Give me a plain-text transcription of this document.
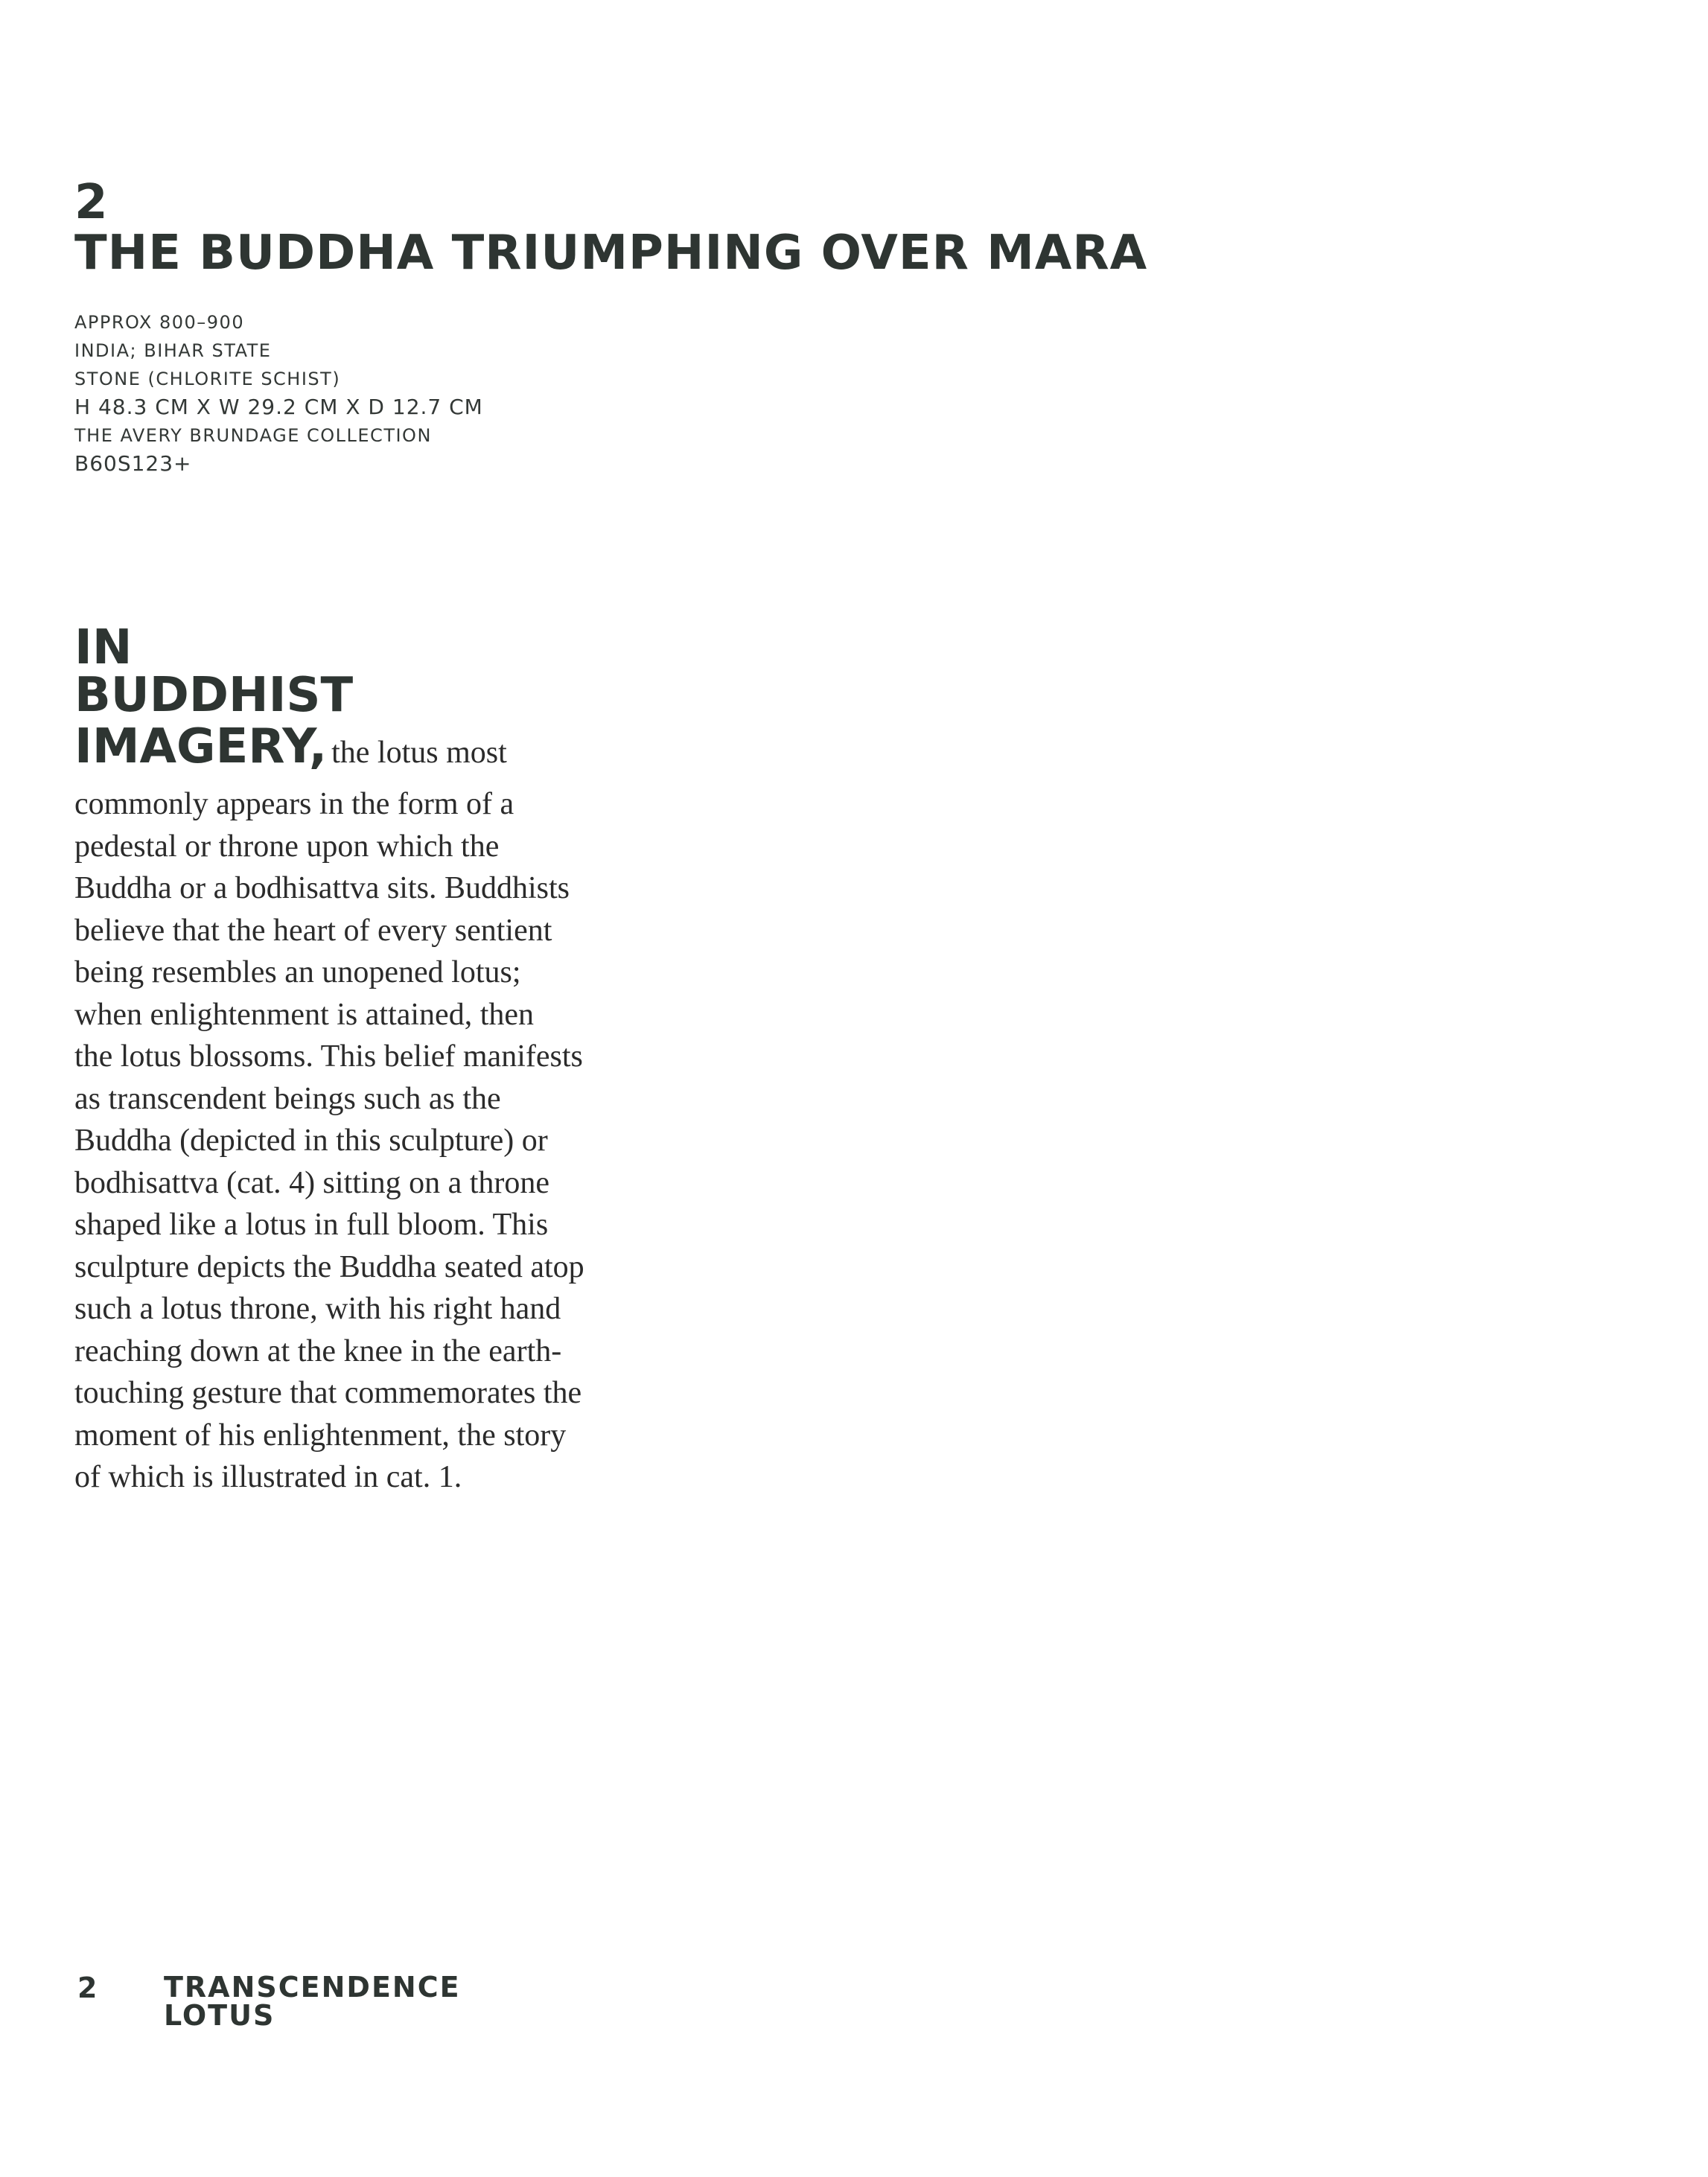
2
THE BUDDHA TRIUMPHING OVER MARA
APPROX 800–900
INDIA; BIHAR STATE
STONE (CHLORITE SCHIST)
H 48.3 CM X W 29.2 CM X D 12.7 CM
THE AVERY BRUNDAGE COLLECTION
B60S123+
IN
BUDDHIST
IMAGERY, the lotus most
commonly appears in the form of a
pedestal or throne upon which the
Buddha or a bodhisattva sits. Buddhists
believe that the heart of every sentient
being resembles an unopened lotus;
when enlightenment is attained, then
the lotus blossoms. This belief manifests
as transcendent beings such as the
Buddha (depicted in this sculpture) or
bodhisattva (cat. 4) sitting on a throne
shaped like a lotus in full bloom. This
sculpture depicts the Buddha seated atop
such a lotus throne, with his right hand
reaching down at the knee in the earth-
touching gesture that commemorates the
moment of his enlightenment, the story
of which is illustrated in cat. 1.
2 TRANSCENDENCE
LOTUS
